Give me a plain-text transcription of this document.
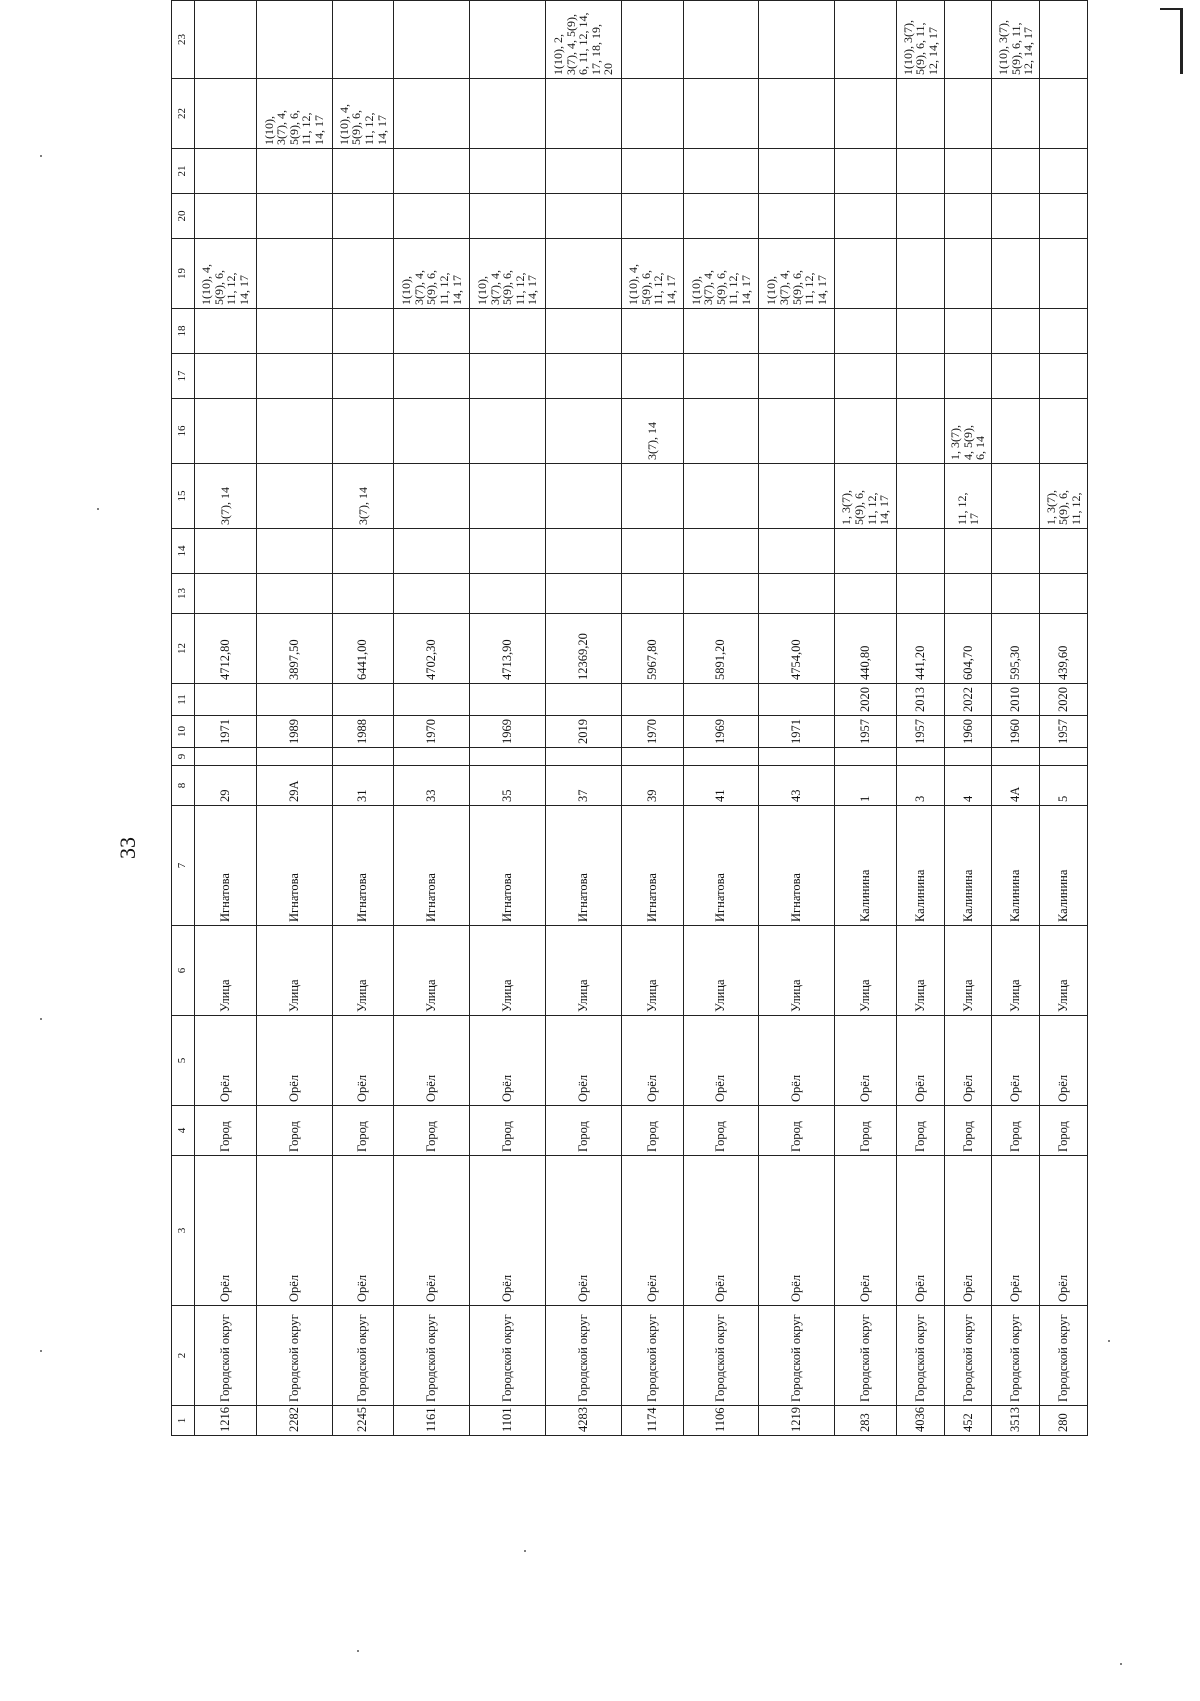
33
1	2	3	4	5	6	7	8	9	10	11	12	13	14	15	16	17	18	19	20	21	22	23
1216	Городской округ	Орёл	Город	Орёл	Улица	Игнатова	29		1971		4712,80			3(7), 14				1(10), 4,
5(9), 6,
11, 12,
14, 17				
2282	Городской округ	Орёл	Город	Орёл	Улица	Игнатова	29А		1989		3897,50										1(10),
3(7), 4,
5(9), 6,
11, 12,
14, 17	
2245	Городской округ	Орёл	Город	Орёл	Улица	Игнатова	31		1988		6441,00			3(7), 14							1(10), 4,
5(9), 6,
11, 12,
14, 17	
1161	Городской округ	Орёл	Город	Орёл	Улица	Игнатова	33		1970		4702,30							1(10),
3(7), 4,
5(9), 6,
11, 12,
14, 17				
1101	Городской округ	Орёл	Город	Орёл	Улица	Игнатова	35		1969		4713,90							1(10),
3(7), 4,
5(9), 6,
11, 12,
14, 17				
4283	Городской округ	Орёл	Город	Орёл	Улица	Игнатова	37		2019		12369,20											1(10), 2,
3(7), 4, 5(9),
6, 11, 12, 14,
17, 18, 19,
20
1174	Городской округ	Орёл	Город	Орёл	Улица	Игнатова	39		1970		5967,80				3(7), 14			1(10), 4,
5(9), 6,
11, 12,
14, 17				
1106	Городской округ	Орёл	Город	Орёл	Улица	Игнатова	41		1969		5891,20							1(10),
3(7), 4,
5(9), 6,
11, 12,
14, 17				
1219	Городской округ	Орёл	Город	Орёл	Улица	Игнатова	43		1971		4754,00							1(10),
3(7), 4,
5(9), 6,
11, 12,
14, 17				
283	Городской округ	Орёл	Город	Орёл	Улица	Калинина	1		1957	2020	440,80			1, 3(7),
5(9), 6,
11, 12,
14, 17								
4036	Городской округ	Орёл	Город	Орёл	Улица	Калинина	3		1957	2013	441,20											1(10), 3(7),
5(9), 6, 11,
12, 14, 17
452	Городской округ	Орёл	Город	Орёл	Улица	Калинина	4		1960	2022	604,70			11, 12,
17	1, 3(7),
4, 5(9),
6, 14							
3513	Городской округ	Орёл	Город	Орёл	Улица	Калинина	4А		1960	2010	595,30											1(10), 3(7),
5(9), 6, 11,
12, 14, 17
280	Городской округ	Орёл	Город	Орёл	Улица	Калинина	5		1957	2020	439,60			1, 3(7),
5(9), 6,
11, 12,								
